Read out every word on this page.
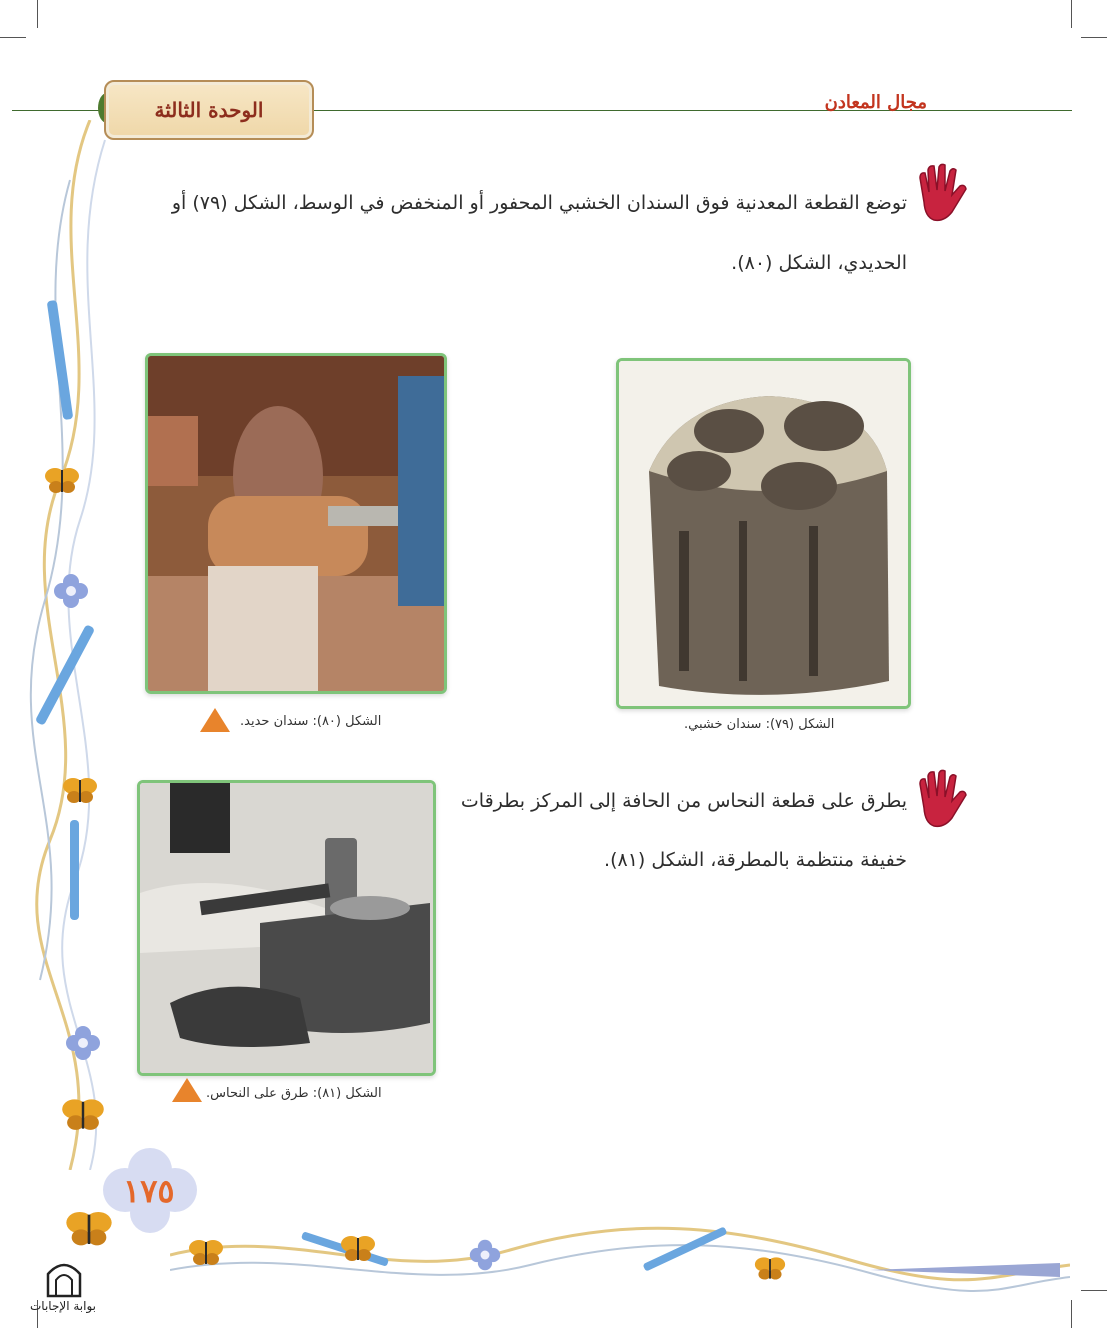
الوحدة الثالثة	مجال المعادن
توضع القطعة المعدنية فوق السندان الخشبي المحفور أو المنخفض في الوسط، الشكل (٧٩) أو
الحديدي، الشكل (٨٠).
الشكل (٨٠): سندان حديد.	الشكل (٧٩): سندان خشبي.
يطرق على قطعة النحاس من الحافة إلى المركز بطرقات
خفيفة منتظمة بالمطرقة، الشكل (٨١).
الشكل (٨١): طرق على النحاس.
١٧٥
بوابة الإجابات
